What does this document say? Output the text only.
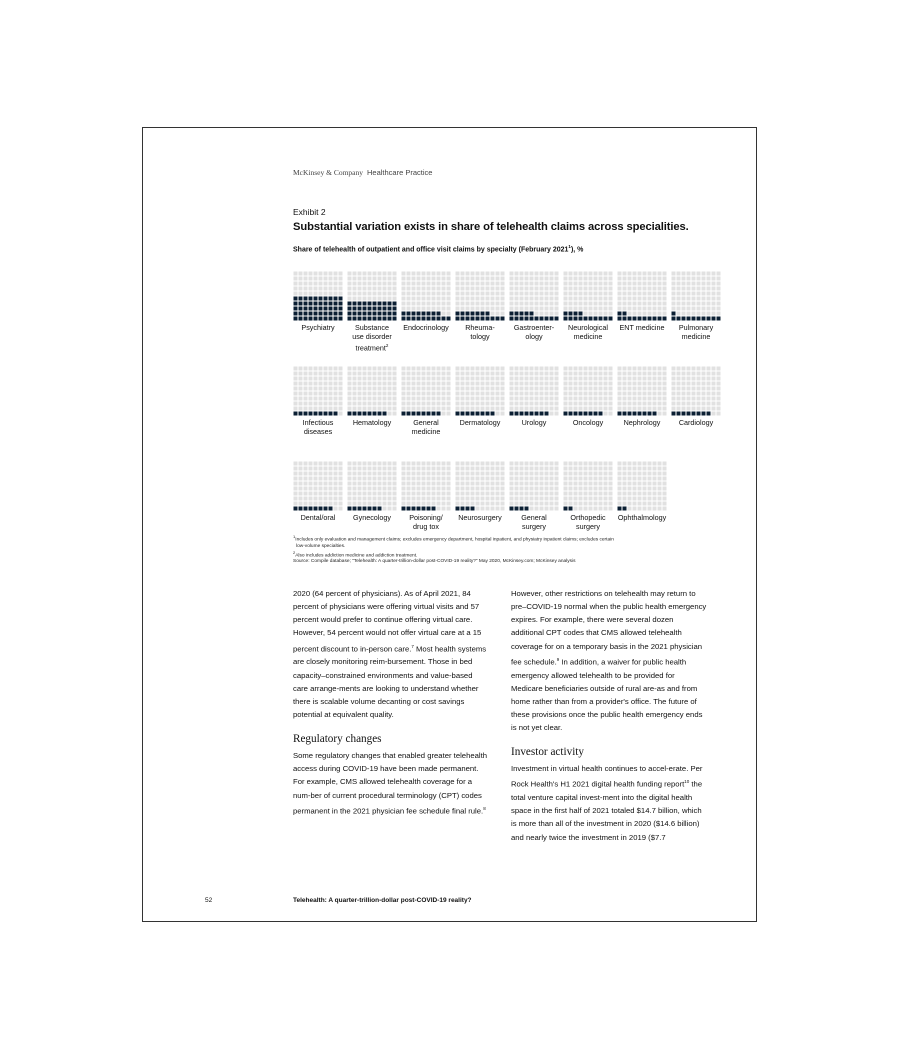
McKinsey & Company Healthcare Practice
Exhibit 2
Substantial variation exists in share of telehealth claims across specialities.
Share of telehealth of outpatient and office visit claims by specialty (February 2021$^1$), %
Psychiatry	Substance
use disorder
treatment$^2$
Endocrinology	Rheuma-
tology
Gastroenter-
ology
Neurological
medicine
ENT medicine	Pulmonary
medicine
Infectious
diseases
Hematology	General
medicine
Dermatology	Urology	Oncology	Nephrology	Cardiology
Dental/oral	Gynecology	Poisoning/
drug tox
Neurosurgery	General
surgery
Orthopedic
surgery
Ophthalmology
$^1$Includes only evaluation and management claims; excludes emergency department, hospital inpatient, and physiatry inpatient claims; excludes certain
low-volume specialties.
$^2$Also includes addiction medicine and addiction treatment.
Source: Compile database; “Telehealth: A quarter-trillion-dollar post-COVID-19 reality?” May 2020, McKinsey.com; McKinsey analysis

2020 (64 percent of physicians). As of April 2021, 84 percent of physicians were offering virtual visits and 57 percent would prefer to continue offering virtual care. However, 54 percent would not offer virtual care at a 15 percent discount to in-person care.$^7$ Most health systems are closely monitoring reim-bursement. Those in bed capacity–constrained environments and value-based care arrange-ments are looking to understand whether there is scalable volume decanting or cost savings potential at equivalent quality.

Regulatory changes

Some regulatory changes that enabled greater telehealth access during COVID-19 have been made permanent. For example, CMS allowed telehealth coverage for a num-ber of current procedural terminology (CPT) codes permanent in the 2021 physician fee schedule final rule.$^8$

However, other restrictions on telehealth may return to pre–COVID-19 normal when the public health emergency expires. For example, there were several dozen additional CPT codes that CMS allowed telehealth coverage for on a temporary basis in the 2021 physician fee schedule.$^9$ In addition, a waiver for public health emergency allowed telehealth to be provided for Medicare beneficiaries outside of rural are-as and from home rather than from a provider's office. The future of these provisions once the public health emergency ends is not yet clear.

Investor activity

Investment in virtual health continues to accel-erate. Per Rock Health's H1 2021 digital health funding report$^{10}$ the total venture capital invest-ment into the digital health space in the first half of 2021 totaled $14.7 billion, which is more than all of the investment in 2020 ($14.6 billion) and nearly twice the investment in 2019 ($7.7

52	Telehealth: A quarter-trillion-dollar post-COVID-19 reality?
